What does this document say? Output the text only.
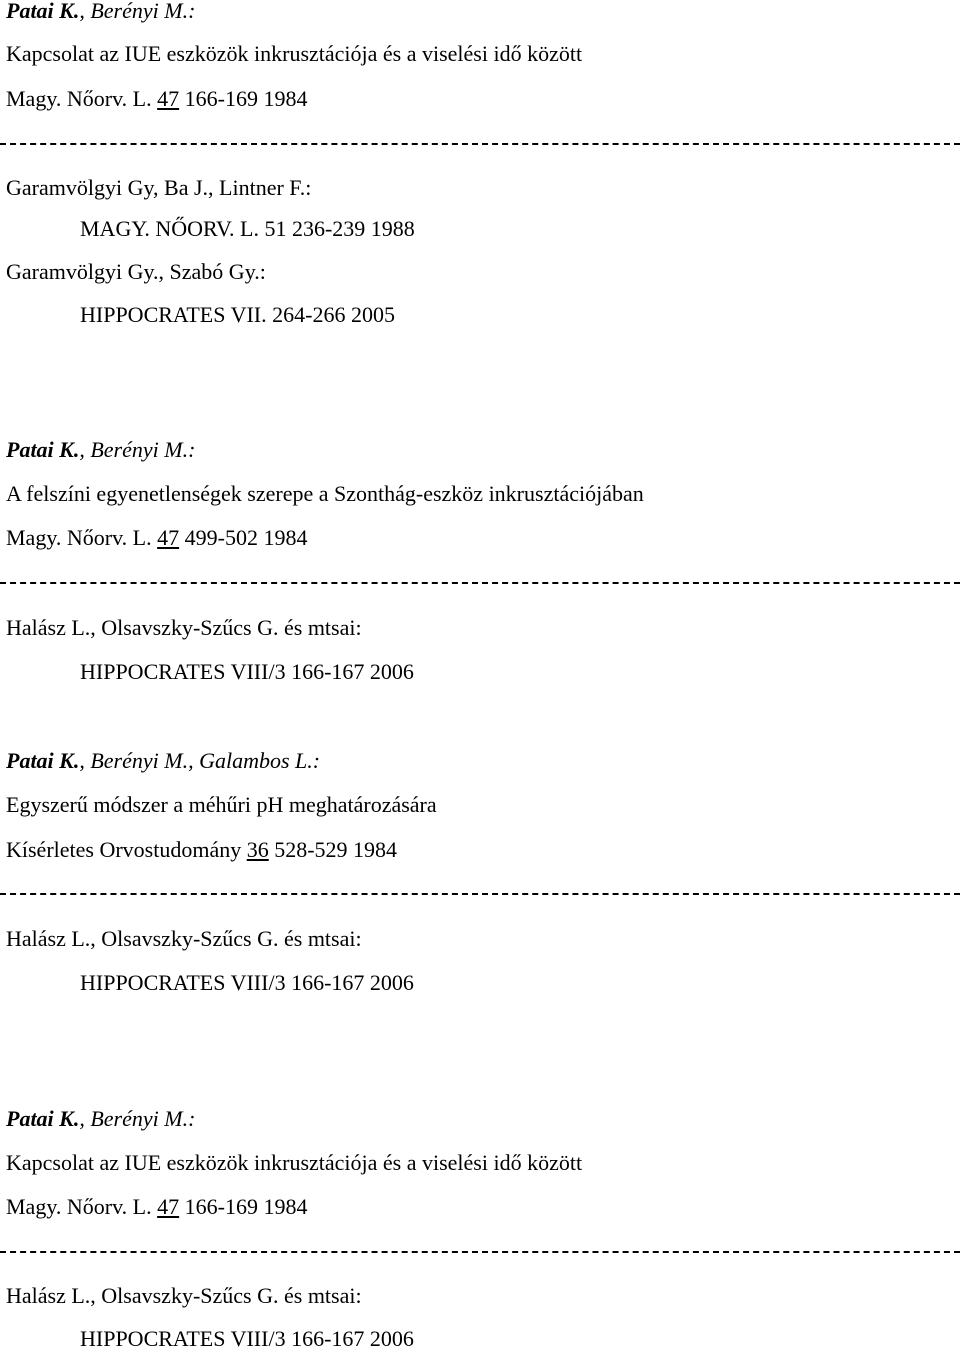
Patai K., Berényi M.:
Kapcsolat az IUE eszközök inkrusztációja és a viselési idő között
Magy. Nőorv. L. 47 166-169 1984
Garamvölgyi Gy, Ba J., Lintner F.:
MAGY. NŐORV. L. 51 236-239 1988
Garamvölgyi Gy., Szabó Gy.:
HIPPOCRATES VII. 264-266 2005
Patai K., Berényi M.:
A felszíni egyenetlenségek szerepe a Szonthág-eszköz inkrusztációjában
Magy. Nőorv. L. 47 499-502 1984
Halász L., Olsavszky-Szűcs G. és mtsai:
HIPPOCRATES VIII/3 166-167 2006
Patai K., Berényi M., Galambos L.:
Egyszerű módszer a méhűri pH meghatározására
Kísérletes Orvostudomány 36 528-529 1984
Halász L., Olsavszky-Szűcs G. és mtsai:
HIPPOCRATES VIII/3 166-167 2006
Patai K., Berényi M.:
Kapcsolat az IUE eszközök inkrusztációja és a viselési idő között
Magy. Nőorv. L. 47 166-169 1984
Halász L., Olsavszky-Szűcs G. és mtsai:
HIPPOCRATES VIII/3 166-167 2006
